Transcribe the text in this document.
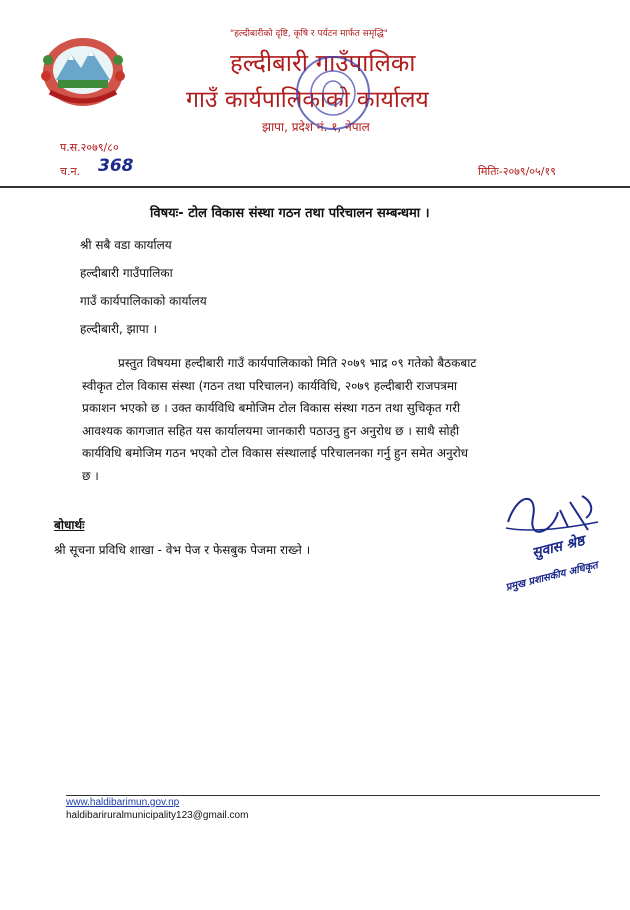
"हल्दीबारीको दृष्टि, कृषि र पर्यटन मार्फत समृद्धि"
हल्दीबारी गाउँपालिका
गाउँ कार्यपालिकाको कार्यालय
झापा, प्रदेश नं. १, नेपाल
प.स.२०७९/८०
च.न. 368	मितिः-२०७९/०५/१९
विषयः- टोल विकास संस्था गठन तथा परिचालन सम्बन्धमा ।
श्री सबै वडा कार्यालय
हल्दीबारी गाउँपालिका
गाउँ कार्यपालिकाको कार्यालय
हल्दीबारी, झापा ।
प्रस्तुत विषयमा हल्दीबारी गाउँ कार्यपालिकाको मिति २०७९ भाद्र ०९ गतेको बैठकबाट
स्वीकृत टोल विकास संस्था (गठन तथा परिचालन) कार्यविधि, २०७९ हल्दीबारी राजपत्रमा
प्रकाशन भएको छ । उक्त कार्यविधि बमोजिम टोल विकास संस्था गठन तथा सुचिकृत गरी
आवश्यक कागजात सहित यस कार्यालयमा जानकारी पठाउनु हुन अनुरोध छ । साथै सोही
कार्यविधि बमोजिम गठन भएको टोल विकास संस्थालाई परिचालनका गर्नु हुन समेत अनुरोध
छ ।
बोधार्थः
श्री सूचना प्रविधि शाखा - वेभ पेज र फेसबुक पेजमा राख्ने ।	सुवास श्रेष्ठ
प्रमुख प्रशासकीय अधिकृत
www.haldibarimun.gov.np
haldibariruralmunicipality123@gmail.com
